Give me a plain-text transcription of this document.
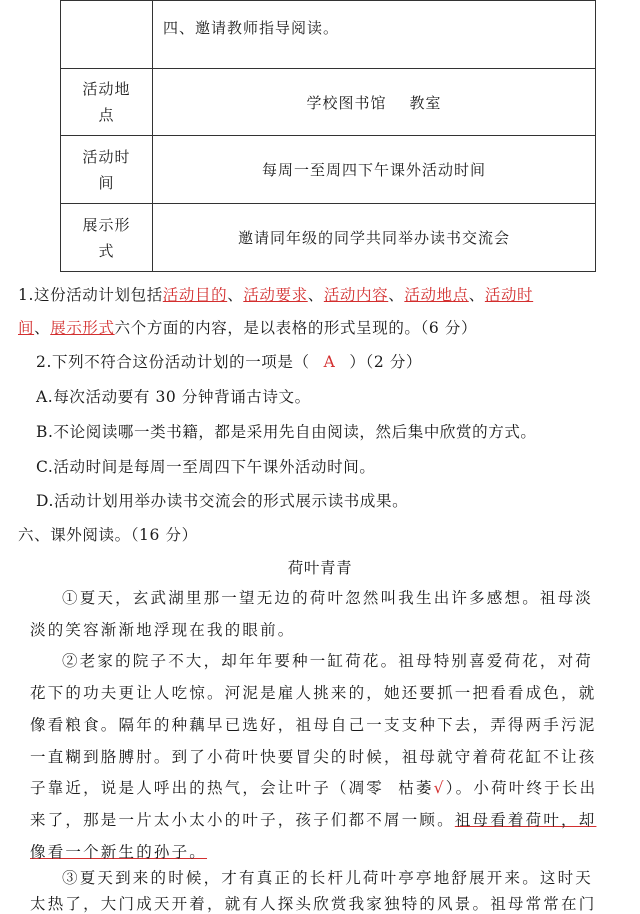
	四、邀请教师指导阅读。
活动地点	学校图书馆    教室
活动时间	每周一至周四下午课外活动时间
展示形式	邀请同年级的同学共同举办读书交流会
1.这份活动计划包括活动目的、活动要求、活动内容、活动地点、活动时
间、展示形式六个方面的内容，是以表格的形式呈现的。（6 分）
2.下列不符合这份活动计划的一项是（ A ）（2 分）
A.每次活动要有 30 分钟背诵古诗文。
B.不论阅读哪一类书籍，都是采用先自由阅读，然后集中欣赏的方式。
C.活动时间是每周一至周四下午课外活动时间。
D.活动计划用举办读书交流会的形式展示读书成果。
六、课外阅读。（16 分）
荷叶青青
①夏天，玄武湖里那一望无边的荷叶忽然叫我生出许多感想。祖母淡
淡的笑容渐渐地浮现在我的眼前。
②老家的院子不大，却年年要种一缸荷花。祖母特别喜爱荷花，对荷
花下的功夫更让人吃惊。河泥是雇人挑来的，她还要抓一把看看成色，就
像看粮食。隔年的种藕早已选好，祖母自己一支支种下去，弄得两手污泥
一直糊到胳膊肘。到了小荷叶快要冒尖的时候，祖母就守着荷花缸不让孩
子靠近，说是人呼出的热气，会让叶子（凋零  枯萎√）。小荷叶终于长出
来了，那是一片太小太小的叶子，孩子们都不屑一顾。祖母看着荷叶，却
像看一个新生的孙子。
③夏天到来的时候，才有真正的长杆儿荷叶亭亭地舒展开来。这时天
太热了，大门成天开着，就有人探头欣赏我家独特的风景。祖母常常在门
